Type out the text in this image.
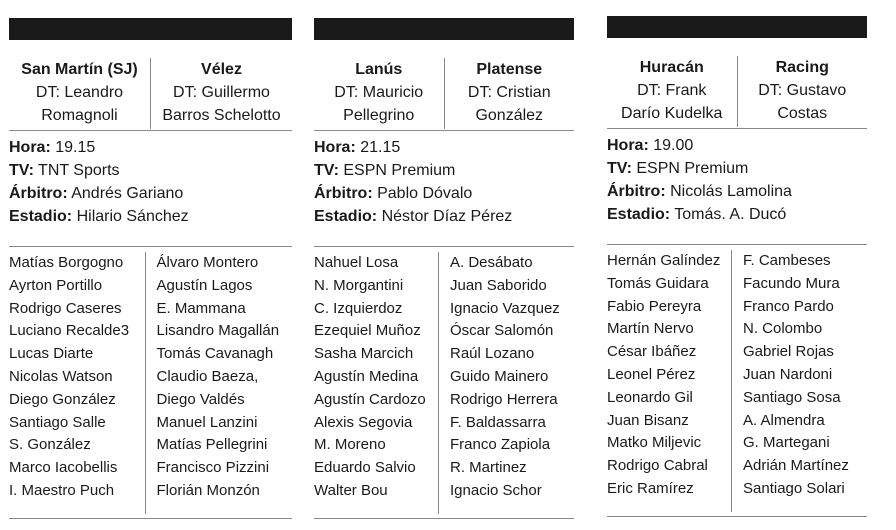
San Martín (SJ)
DT: Leandro Romagnoli
Vélez
DT: Guillermo Barros Schelotto
Hora: 19.15
TV: TNT Sports
Árbitro: Andrés Gariano
Estadio: Hilario Sánchez
Matías Borgogno
Ayrton Portillo
Rodrigo Caseres
Luciano Recalde3
Lucas Diarte
Nicolas Watson
Diego González
Santiago Salle
S. González
Marco Iacobellis
I. Maestro Puch
Álvaro Montero
Agustín Lagos
E. Mammana
Lisandro Magallán
Tomás Cavanagh
Claudio Baeza,
Diego Valdés
Manuel Lanzini
Matías Pellegrini
Francisco Pizzini
Florián Monzón
Lanús
DT: Mauricio Pellegrino
Platense
DT: Cristian González
Hora: 21.15
TV: ESPN Premium
Árbitro: Pablo Dóvalo
Estadio: Néstor Díaz Pérez
Nahuel Losa
N. Morgantini
C. Izquierdoz
Ezequiel Muñoz
Sasha Marcich
Agustín Medina
Agustín Cardozo
Alexis Segovia
M. Moreno
Eduardo Salvio
Walter Bou
A. Desábato
Juan Saborido
Ignacio Vazquez
Óscar Salomón
Raúl Lozano
Guido Mainero
Rodrigo Herrera
F. Baldassarra
Franco Zapiola
R. Martinez
Ignacio Schor
Huracán
DT: Frank Darío Kudelka
Racing
DT: Gustavo Costas
Hora: 19.00
TV: ESPN Premium
Árbitro: Nicolás Lamolina
Estadio: Tomás. A. Ducó
Hernán Galíndez
Tomás Guidara
Fabio Pereyra
Martín Nervo
César Ibáñez
Leonel Pérez
Leonardo Gil
Juan Bisanz
Matko Miljevic
Rodrigo Cabral
Eric Ramírez
F. Cambeses
Facundo Mura
Franco Pardo
N. Colombo
Gabriel Rojas
Juan Nardoni
Santiago Sosa
A. Almendra
G. Martegani
Adrián Martínez
Santiago Solari
